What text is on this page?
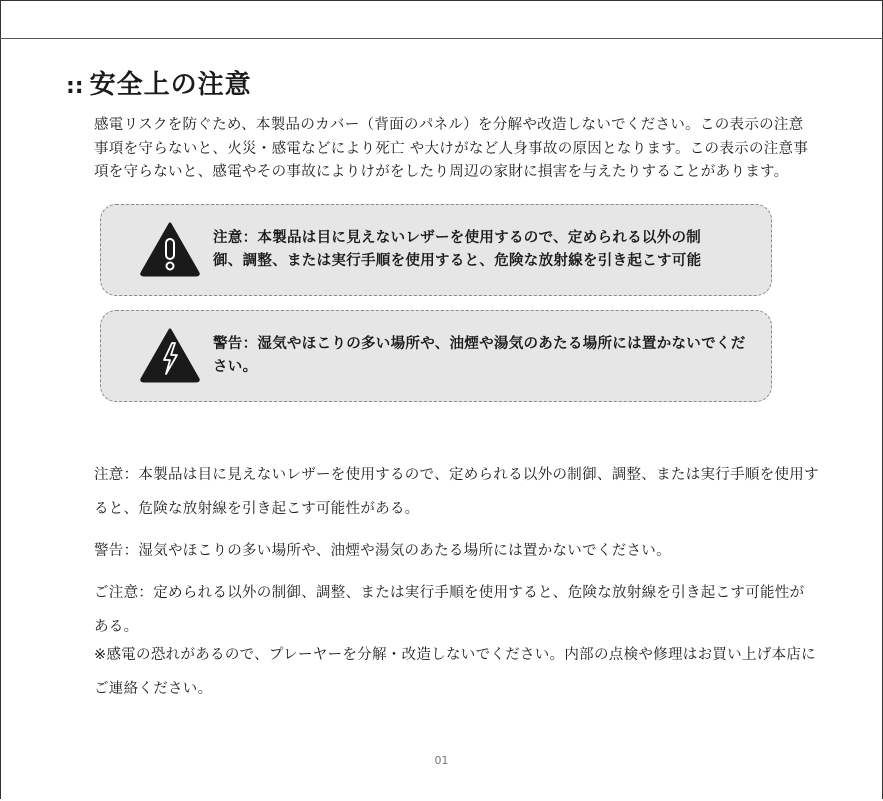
:: 安全上の注意

感電リスクを防ぐため、本製品のカバー（背面のパネル）を分解や改造しないでください。この表示の注意事項を守らないと、火災・感電などにより死亡 や大けがなど人身事故の原因となります。この表示の注意事項を守らないと、感電やその事故によりけがをしたり周辺の家財に損害を与えたりすることがあります。

注意：本製品は目に見えないレザーを使用するので、定められる以外の制
御、調整、または実行手順を使用すると、危険な放射線を引き起こす可能
警告：湿気やほこりの多い場所や、油煙や湯気のあたる場所には置かないでください。

注意：本製品は目に見えないレザーを使用するので、定められる以外の制御、調整、または実行手順を使用すると、危険な放射線を引き起こす可能性がある。

警告：湿気やほこりの多い場所や、油煙や湯気のあたる場所には置かないでください。

ご注意：定められる以外の制御、調整、または実行手順を使用すると、危険な放射線を引き起こす可能性がある。

※感電の恐れがあるので、プレーヤーを分解・改造しないでください。内部の点検や修理はお買い上げ本店にご連絡ください。

01
